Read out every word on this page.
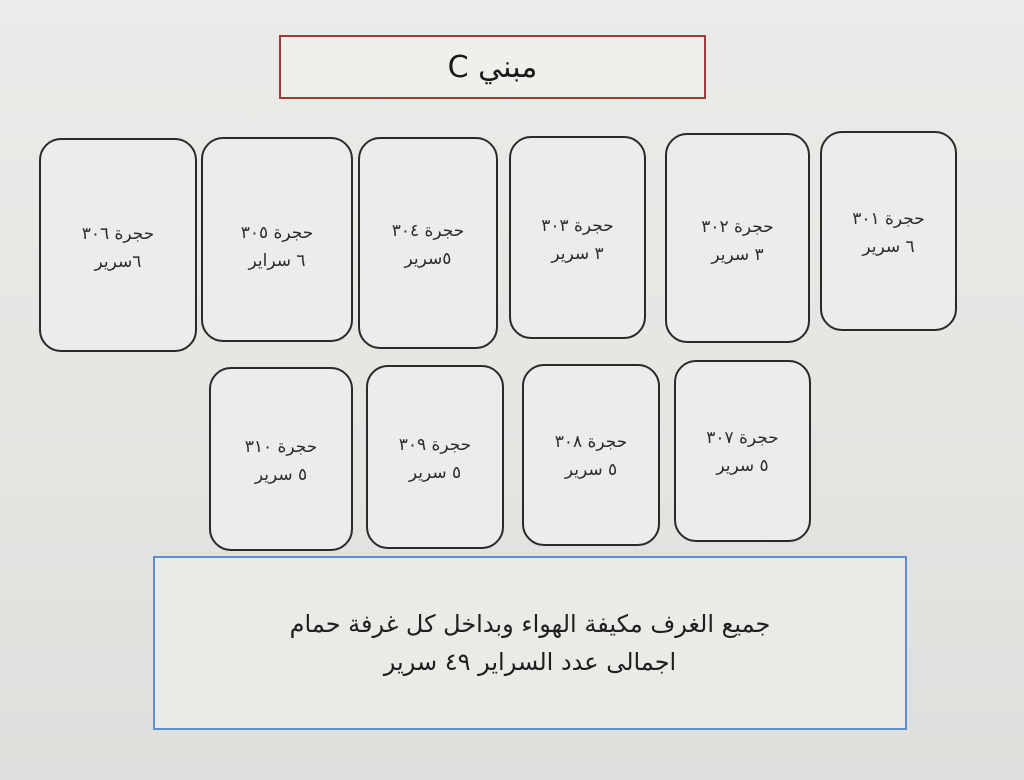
مبني C
حجرة ٣٠١
٦ سرير
حجرة ٣٠٢
٣ سرير
حجرة ٣٠٣
٣ سرير
حجرة ٣٠٤
٥سرير
حجرة ٣٠٥
٦ سراير
حجرة ٣٠٦
٦سرير
حجرة ٣٠٧
٥ سرير
حجرة ٣٠٨
٥ سرير
حجرة ٣٠٩
٥ سرير
حجرة ٣١٠
٥ سرير
جميع الغرف مكيفة الهواء وبداخل كل غرفة حمام
اجمالى عدد السراير ٤٩ سرير
